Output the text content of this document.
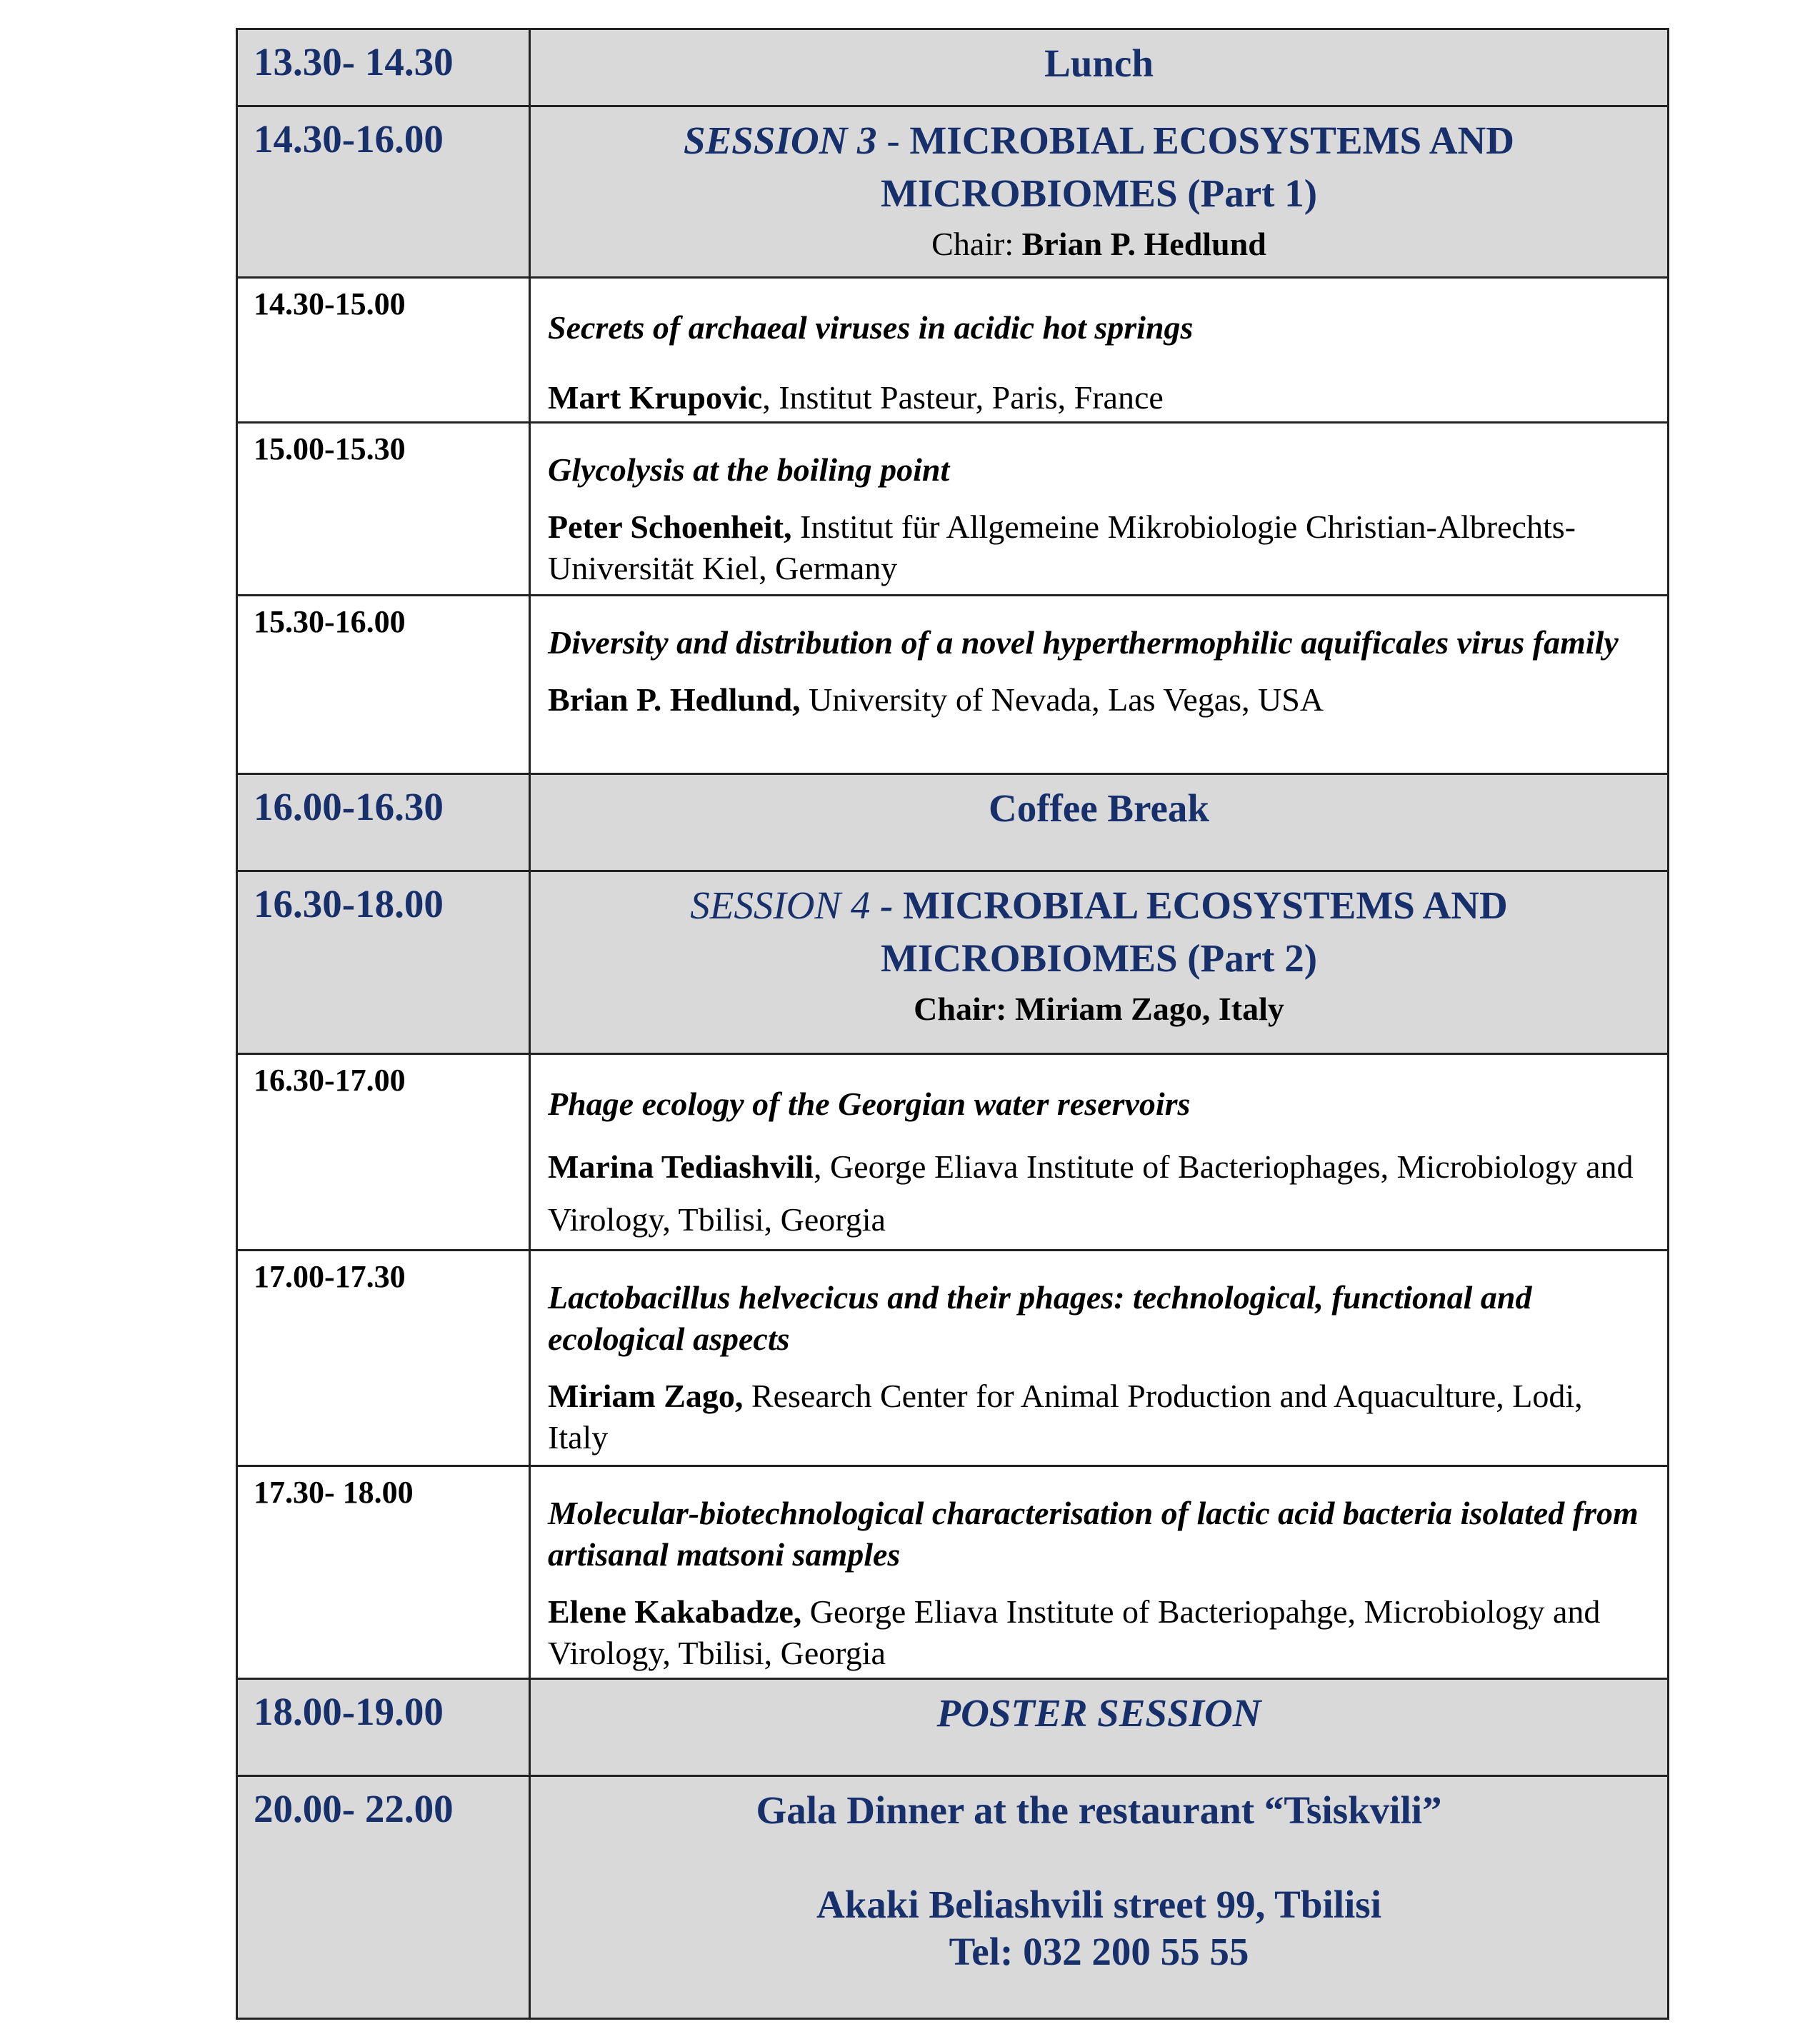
13.30- 14.30	Lunch

14.30-16.00	SESSION 3 - MICROBIAL ECOSYSTEMS AND
MICROBIOMES (Part 1)
Chair: Brian P. Hedlund

14.30-15.00	Secrets of archaeal viruses in acidic hot springs
Mart Krupovic, Institut Pasteur, Paris, France

15.00-15.30	Glycolysis at the boiling point
Peter Schoenheit, Institut für Allgemeine Mikrobiologie Christian-Albrechts-Universität Kiel, Germany

15.30-16.00	Diversity and distribution of a novel hyperthermophilic aquificales virus family
Brian P. Hedlund, University of Nevada, Las Vegas, USA

16.00-16.30	Coffee Break

16.30-18.00	SESSION 4 - MICROBIAL ECOSYSTEMS AND
MICROBIOMES (Part 2)
Chair: Miriam Zago, Italy

16.30-17.00	Phage ecology of the Georgian water reservoirs
Marina Tediashvili, George Eliava Institute of Bacteriophages, Microbiology and Virology, Tbilisi, Georgia

17.00-17.30	Lactobacillus helvecicus and their phages: technological, functional and ecological aspects
Miriam Zago, Research Center for Animal Production and Aquaculture, Lodi, Italy

17.30- 18.00	Molecular-biotechnological characterisation of lactic acid bacteria isolated from artisanal matsoni samples
Elene Kakabadze, George Eliava Institute of Bacteriopahge, Microbiology and Virology, Tbilisi, Georgia

18.00-19.00	POSTER SESSION

20.00- 22.00	Gala Dinner at the restaurant “Tsiskvili”
Akaki Beliashvili street 99, Tbilisi
Tel: 032 200 55 55
